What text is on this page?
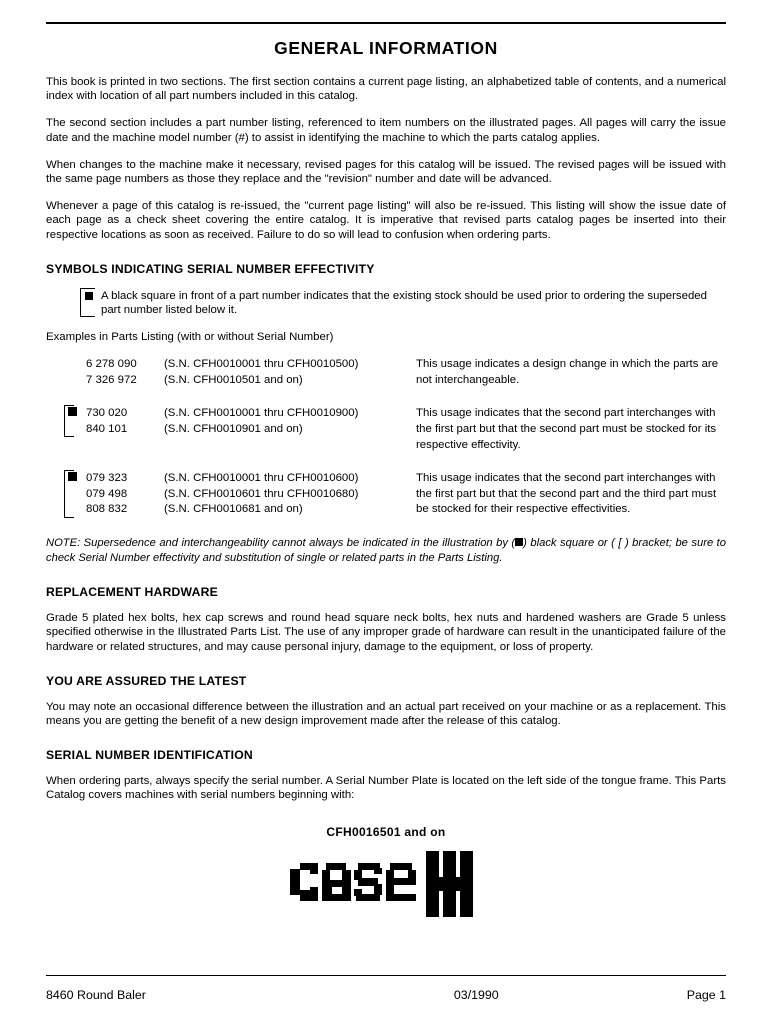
GENERAL INFORMATION

This book is printed in two sections. The first section contains a current page listing, an alphabetized table of contents, and a numerical index with location of all part numbers included in this catalog.

The second section includes a part number listing, referenced to item numbers on the illustrated pages. All pages will carry the issue date and the machine model number (#) to assist in identifying the machine to which the parts catalog applies.

When changes to the machine make it necessary, revised pages for this catalog will be issued. The revised pages will be issued with the same page numbers as those they replace and the "revision" number and date will be advanced.

Whenever a page of this catalog is re-issued, the "current page listing" will also be re-issued. This listing will show the issue date of each page as a check sheet covering the entire catalog. It is imperative that revised parts catalog pages be inserted into their respective locations as soon as received. Failure to do so will lead to confusion when ordering parts.

SYMBOLS INDICATING SERIAL NUMBER EFFECTIVITY
A black square in front of a part number indicates that the existing stock should be used prior to ordering the superseded part number listed below it.
Examples in Parts Listing (with or without Serial Number)
6 278 090	(S.N. CFH0010001 thru CFH0010500)
7 326 972	(S.N. CFH0010501 and on)
This usage indicates a design change in which the parts are not interchangeable.
730 020	(S.N. CFH0010001 thru CFH0010900)
840 101	(S.N. CFH0010901 and on)
This usage indicates that the second part interchanges with the first part but that the second part must be stocked for its respective effectivity.
079 323	(S.N. CFH0010001 thru CFH0010600)
079 498	(S.N. CFH0010601 thru CFH0010680)
808 832	(S.N. CFH0010681 and on)
This usage indicates that the second part interchanges with the first part but that the second part and the third part must be stocked for their respective effectivities.

NOTE: Supersedence and interchangeability cannot always be indicated in the illustration by ( ) black square or ( [ ) bracket; be sure to check Serial Number effectivity and substitution of single or related parts in the Parts Listing.

REPLACEMENT HARDWARE

Grade 5 plated hex bolts, hex cap screws and round head square neck bolts, hex nuts and hardened washers are Grade 5 unless specified otherwise in the Illustrated Parts List. The use of any improper grade of hardware can result in the unanticipated failure of the hardware or related structures, and may cause personal injury, damage to the equipment, or loss of property.

YOU ARE ASSURED THE LATEST

You may note an occasional difference between the illustration and an actual part received on your machine or as a replacement. This means you are getting the benefit of a new design improvement made after the release of this catalog.

SERIAL NUMBER IDENTIFICATION

When ordering parts, always specify the serial number. A Serial Number Plate is located on the left side of the tongue frame. This Parts Catalog covers machines with serial numbers beginning with:

CFH0016501 and on
8460 Round Baler	03/1990	Page 1
